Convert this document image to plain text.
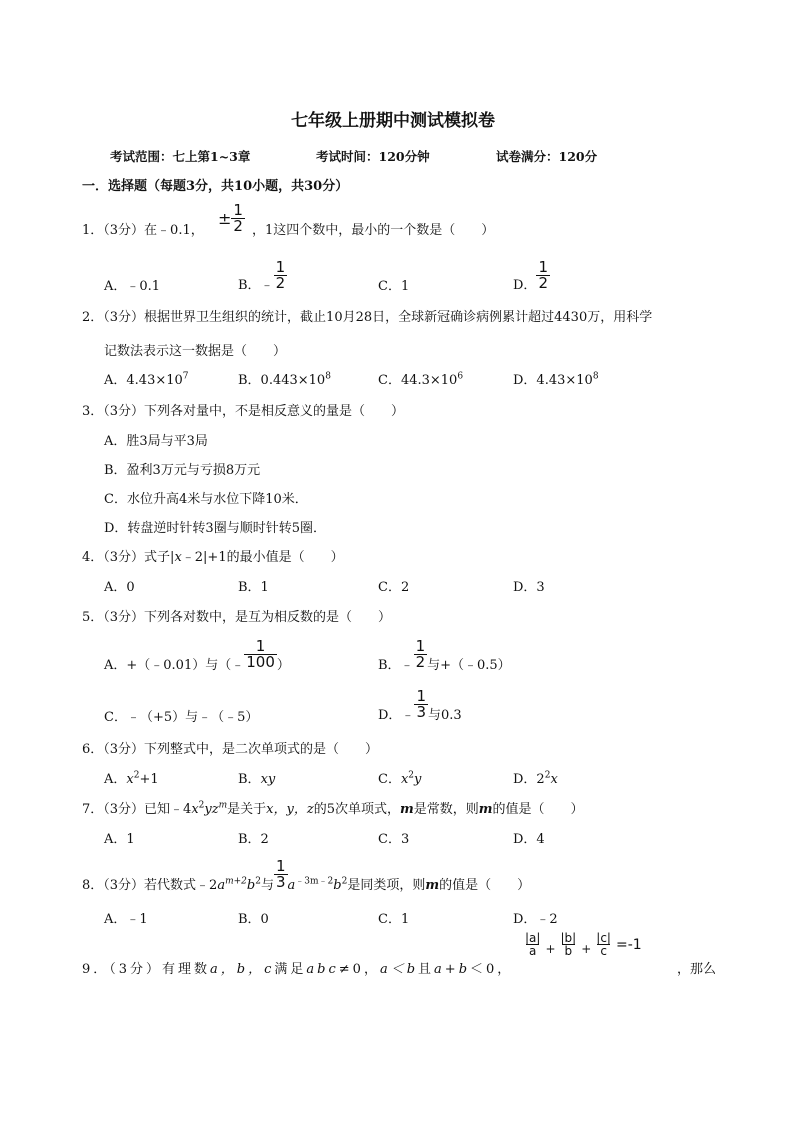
七年级上册期中测试模拟卷
考试范围：七上第1~3章	考试时间：120分钟	试卷满分：120分
一．选择题（每题3分，共10小题，共30分）
1．（3分）在﹣0.1，
± $\frac{1}{2}$ ，1这四个数中，最小的一个数是（　　）
A．﹣0.1	B．﹣ $\frac{1}{2}$	C．1	D． $\frac{1}{2}$
2．（3分）根据世界卫生组织的统计，截止10月28日，全球新冠确诊病例累计超过4430万，用科学
记数法表示这一数据是（　　）
A．$4.43\times 10^7$	B．$0.443\times 10^8$	C．$44.3\times 10^6$	D．$4.43\times 10^8$
3．（3分）下列各对量中，不是相反意义的量是（　　）
A．胜3局与平3局
B．盈利3万元与亏损8万元
C．水位升高4米与水位下降10米．
D．转盘逆时针转3圈与顺时针转5圈．
4．（3分）式子|x﹣2|+1的最小值是（　　）
A．0	B．1	C．2	D．3
5．（3分）下列各对数中，是互为相反数的是（　　）
A．+（﹣0.01）与（﹣ $\frac{1}{100}$ ）	B．﹣ $\frac{1}{2}$ 与+（﹣0.5）
C．﹣（+5）与﹣（﹣5）	D．﹣ $\frac{1}{3}$ 与0.3
6．（3分）下列整式中，是二次单项式的是（　　）
A．$x^2+1$	B．xy	C．$x^2y$	D．$2^2x$
7．（3分）已知$﹣4x^2yz^m$是关于x，y，z的5次单项式，m是常数，则m的值是（　　）
A．1	B．2	C．3	D．4
8．（3分）若代数式$﹣2a^{m+2}b^2$与 $\frac{1}{3} a^{﹣3m﹣2}b^2$是同类项，则m的值是（　　）
A．﹣1	B．0	C．1	D．﹣2
9．（3分）有理数a，b，c满足abc≠0，a＜b且a+b＜0，
|a|
$a + \frac{|b|}{b} + \frac{|c|}{c} =-1$
，那么
